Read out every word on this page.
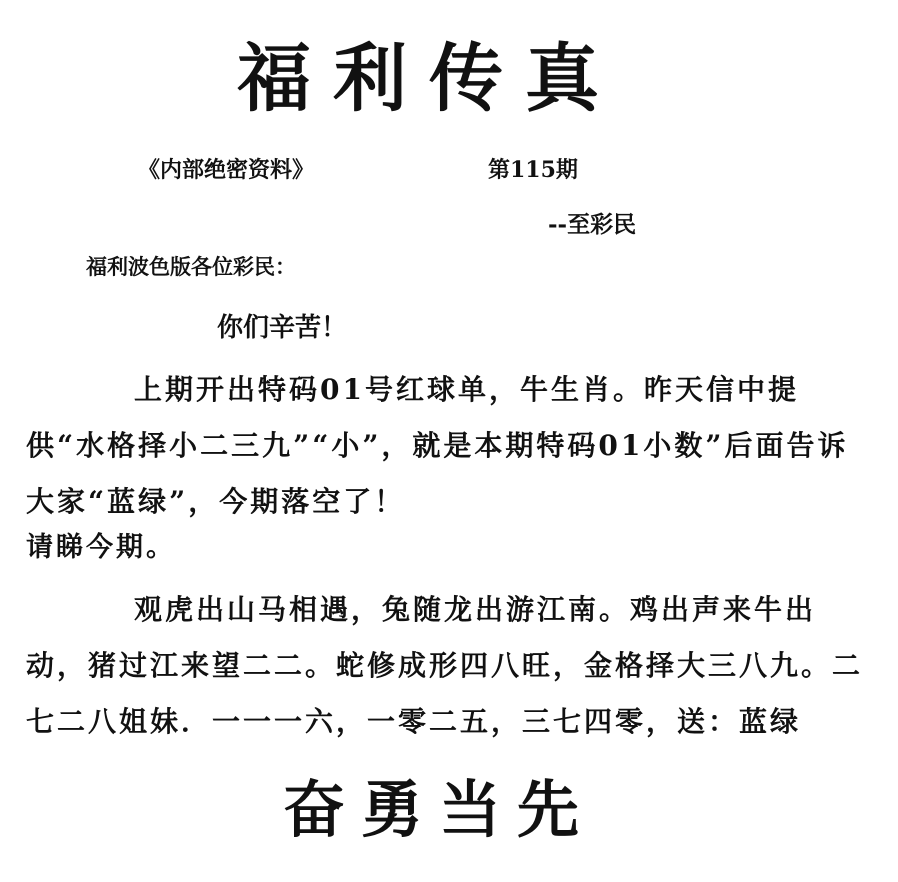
福利传真
《内部绝密资料》	第115期
--至彩民
福利波色版各位彩民：
你们辛苦！
上期开出特码01号红球单，牛生肖。昨天信中提供“水格择小二三九”“小”，就是本期特码01小数”后面告诉大家“蓝绿”，今期落空了！
请睇今期。
观虎出山马相遇，兔随龙出游江南。鸡出声来牛出动，猪过江来望二二。蛇修成形四八旺，金格择大三八九。二七二八姐妹．一一一六，一零二五，三七四零，送：蓝绿
奋勇当先
